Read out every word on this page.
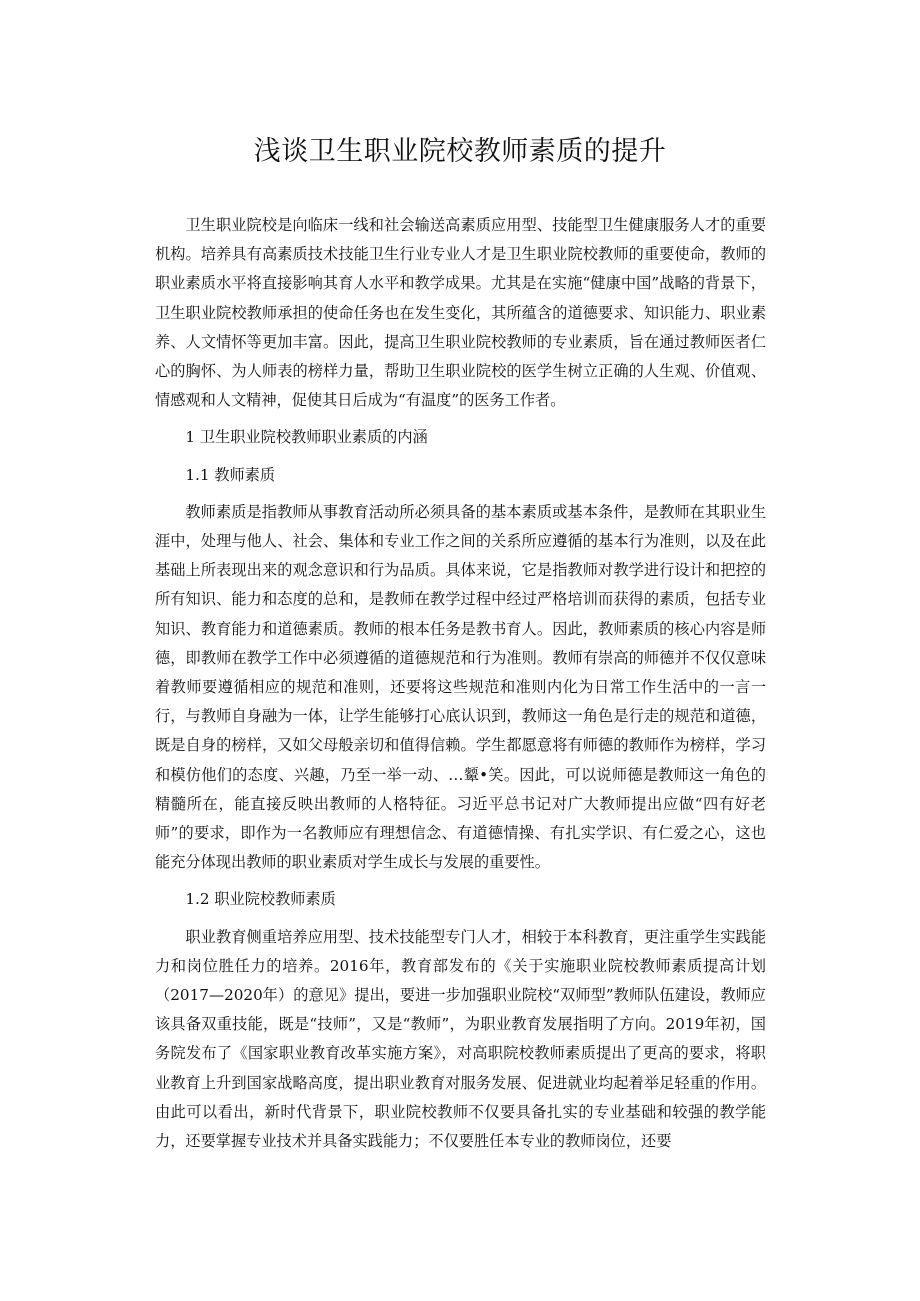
浅谈卫生职业院校教师素质的提升

卫生职业院校是向临床一线和社会输送高素质应用型、技能型卫生健康服务人才的重要机构。培养具有高素质技术技能卫生行业专业人才是卫生职业院校教师的重要使命，教师的职业素质水平将直接影响其育人水平和教学成果。尤其是在实施“健康中国”战略的背景下，卫生职业院校教师承担的使命任务也在发生变化，其所蕴含的道德要求、知识能力、职业素养、人文情怀等更加丰富。因此，提高卫生职业院校教师的专业素质，旨在通过教师医者仁心的胸怀、为人师表的榜样力量，帮助卫生职业院校的医学生树立正确的人生观、价值观、情感观和人文精神，促使其日后成为“有温度”的医务工作者。

1 卫生职业院校教师职业素质的内涵

1.1 教师素质

教师素质是指教师从事教育活动所必须具备的基本素质或基本条件，是教师在其职业生涯中，处理与他人、社会、集体和专业工作之间的关系所应遵循的基本行为准则，以及在此基础上所表现出来的观念意识和行为品质。具体来说，它是指教师对教学进行设计和把控的所有知识、能力和态度的总和，是教师在教学过程中经过严格培训而获得的素质，包括专业知识、教育能力和道德素质。教师的根本任务是教书育人。因此，教师素质的核心内容是师德，即教师在教学工作中必须遵循的道德规范和行为准则。教师有崇高的师德并不仅仅意味着教师要遵循相应的规范和准则，还要将这些规范和准则内化为日常工作生活中的一言一行，与教师自身融为一体，让学生能够打心底认识到，教师这一角色是行走的规范和道德，既是自身的榜样，又如父母般亲切和值得信赖。学生都愿意将有师德的教师作为榜样，学习和模仿他们的态度、兴趣，乃至一举一动、…颦•笑。因此，可以说师德是教师这一角色的精髓所在，能直接反映出教师的人格特征。习近平总书记对广大教师提出应做“四有好老师”的要求，即作为一名教师应有理想信念、有道德情操、有扎实学识、有仁爱之心，这也能充分体现出教师的职业素质对学生成长与发展的重要性。

1.2 职业院校教师素质

职业教育侧重培养应用型、技术技能型专门人才，相较于本科教育，更注重学生实践能力和岗位胜任力的培养。2016年，教育部发布的《关于实施职业院校教师素质提高计划（2017—2020年）的意见》提出，要进一步加强职业院校“双师型”教师队伍建设，教师应该具备双重技能，既是“技师”，又是“教师”，为职业教育发展指明了方向。2019年初，国务院发布了《国家职业教育改革实施方案》，对高职院校教师素质提出了更高的要求，将职业教育上升到国家战略高度，提出职业教育对服务发展、促进就业均起着举足轻重的作用。由此可以看出，新时代背景下，职业院校教师不仅要具备扎实的专业基础和较强的教学能力，还要掌握专业技术并具备实践能力；不仅要胜任本专业的教师岗位，还要
